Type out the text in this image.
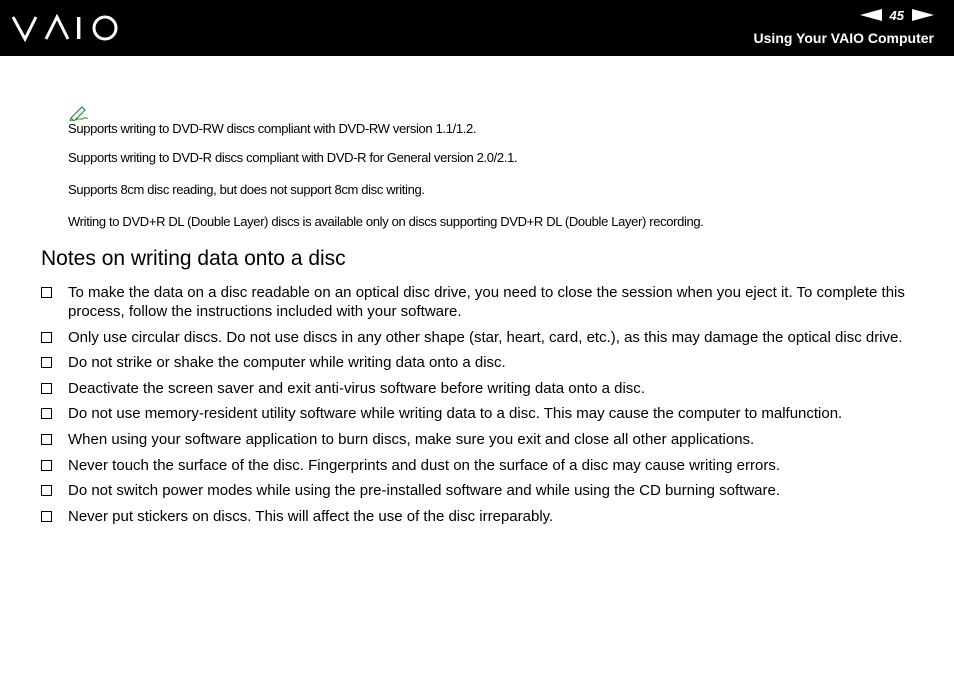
45
Using Your VAIO Computer
Supports writing to DVD-RW discs compliant with DVD-RW version 1.1/1.2.
Supports writing to DVD-R discs compliant with DVD-R for General version 2.0/2.1.
Supports 8cm disc reading, but does not support 8cm disc writing.
Writing to DVD+R DL (Double Layer) discs is available only on discs supporting DVD+R DL (Double Layer) recording.
Notes on writing data onto a disc
To make the data on a disc readable on an optical disc drive, you need to close the session when you eject it. To complete this process, follow the instructions included with your software.
Only use circular discs. Do not use discs in any other shape (star, heart, card, etc.), as this may damage the optical disc drive.
Do not strike or shake the computer while writing data onto a disc.
Deactivate the screen saver and exit anti-virus software before writing data onto a disc.
Do not use memory-resident utility software while writing data to a disc. This may cause the computer to malfunction.
When using your software application to burn discs, make sure you exit and close all other applications.
Never touch the surface of the disc. Fingerprints and dust on the surface of a disc may cause writing errors.
Do not switch power modes while using the pre-installed software and while using the CD burning software.
Never put stickers on discs. This will affect the use of the disc irreparably.
